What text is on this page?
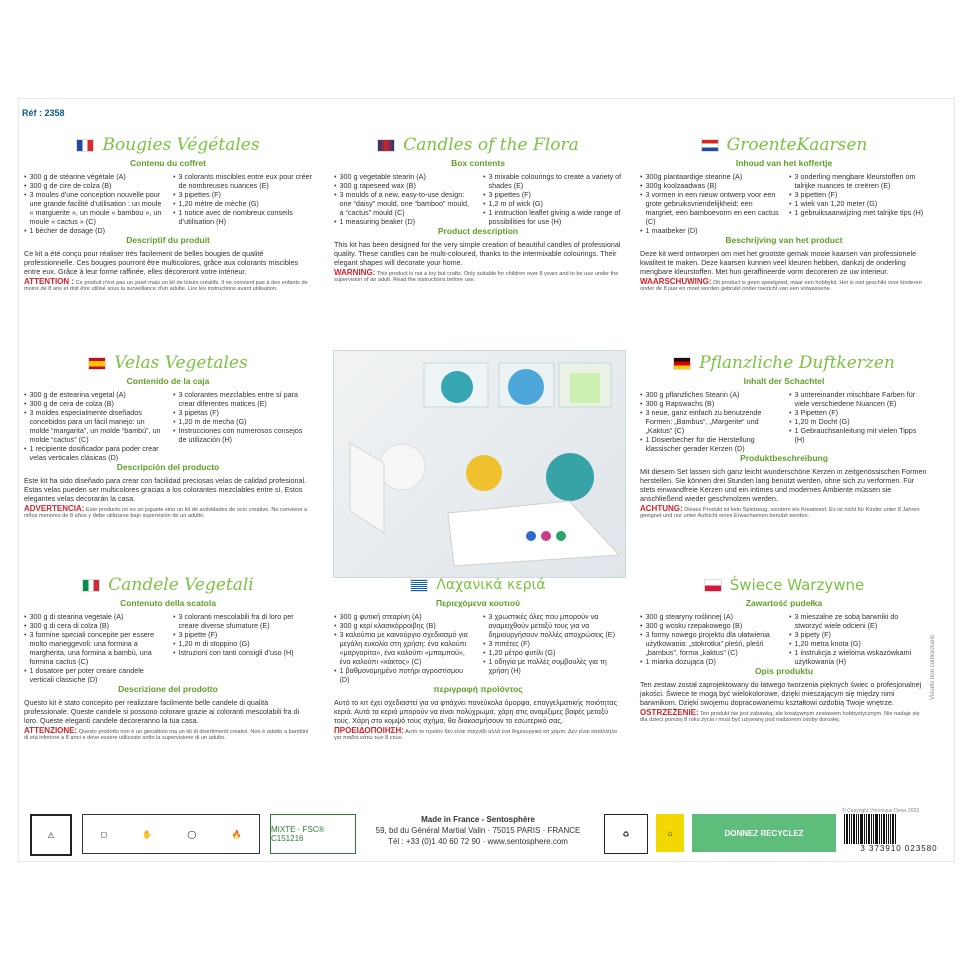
Réf : 2358
Bougies Végétales
Contenu du coffret
• 300 g de stéarine végétale (A)
• 300 g de cire de colza (B)
• 3 moules d’une conception nouvelle pour une grande facilité d’utilisation : un moule « marguerite », un moule « bambou », un moule « cactus » (C)
• 1 bécher de dosage (D)
• 3 colorants miscibles entre eux pour créer de nombreuses nuances (E)
• 3 pipettes (F)
• 1,20 mètre de mèche (G)
• 1 notice avec de nombreux conseils d’utilisation (H)
Descriptif du produit

Ce kit a été conçu pour réaliser très facilement de belles bougies de qualité professionnelle. Ces bougies pourront être multicolores, grâce aux colorants miscibles entre eux. Grâce à leur forme raffinée, elles décoreront votre intérieur.

ATTENTION : Ce produit n'est pas un jouet mais un kit de loisirs créatifs. Il ne convient pas à des enfants de moins de 8 ans et doit être utilisé sous la surveillance d'un adulte. Lire les instructions avant utilisation.
Candles of the Flora
Box contents
• 300 g vegetable stearin (A)
• 300 g rapeseed wax (B)
• 3 moulds of a new, easy-to-use design: one “daisy” mould, one “bamboo” mould, a “cactus” mould (C)
• 1 measuring beaker (D)
• 3 mixable colourings to create a variety of shades (E)
• 3 pipettes (F)
• 1,2 m of wick (G)
• 1 instruction leaflet giving a wide range of possibilities for use (H)
Product description

This kit has been designed for the very simple creation of beautiful candles of professional quality. These candles can be multi-coloured, thanks to the intermixable colourings. Their elegant shapes will decorate your home.

WARNING: This product is not a toy but crafts. Only suitable for children over 8 years and to be use under the supervision of an adult. Read the instructions before use.
GroenteKaarsen
Inhoud van het koffertje
• 300g plantaardige stearine (A)
• 300g koolzaadwas (B)
• 3 vormen in een nieuw ontwerp voor een grote gebruiksvriendelijkheid: een margriet, een bamboevorm en een cactus (C)
• 1 maatbeker (D)
• 3 onderling mengbare kleurstoffen om talrijke nuances te creëren (E)
• 3 pipetten (F)
• 1 wiek van 1,20 meter (G)
• 1 gebruiksaanwijzing met talrijke tips (H)
Beschrijving van het product

Deze kit werd ontworpen om met het grootste gemak mooie kaarsen van professionele kwaliteit te maken. Deze kaarsen kunnen veel kleuren hebben, dankzij de onderling mengbare kleurstoffen. Met hun geraffineerde vorm decoreren ze uw interieur.

WAARSCHUWING: Dit product is geen speelgoed, maar een hobbykit. Het is niet geschikt voor kinderen onder de 8 jaar en moet worden gebruikt onder toezicht van een volwassene.
Velas Vegetales
Contenido de la caja
• 300 g de estearina vegetal (A)
• 300 g de cera de colza (B)
• 3 moldes especialmente diseñados concebidos para un fácil manejo: un molde “margarita”, un molde “bambú”, un molde “cactus” (C)
• 1 recipiente dosificador para poder crear velas verticales clásicas (D)
• 3 colorantes mezclables entre sí para crear diferentes matices (E)
• 3 pipetas (F)
• 1,20 m de mecha (G)
• Instrucciones con numerosos consejos de utilización (H)
Descripción del producto

Este kit ha sido diseñado para crear con facilidad preciosas velas de calidad profesional. Estas velas pueden ser multicolores gracias a los colorantes mezclables entre sí. Estos elegantes velas decorarán la casa.

ADVERTENCIA: Este producto no es un juguete sino un kit de actividades de ocio creativo. No conviene a niños menores de 8 años y debe utilizarse bajo supervisión de un adulto.
Pflanzliche Duftkerzen
Inhalt der Schachtel
• 300 g pflanzliches Stearin (A)
• 300 g Rapswachs (B)
• 3 neue, ganz einfach zu benutzende Formen: „Bambus“, „Margerite“ und „Kaktus“ (C)
• 1 Dosierbecher für die Herstellung klassischer gerader Kerzen (D)
• 3 untereinander mischbare Farben für viele verschiedene Nuancen (E)
• 3 Pipetten (F)
• 1,20 m Docht (G)
• 1 Gebrauchsanleitung mit vielen Tipps (H)
Produktbeschreibung

Mit diesem Set lassen sich ganz leicht wunderschöne Kerzen in zeitgenössischen Formen herstellen. Sie können drei Stunden lang benutzt werden, ohne sich zu verformen. Für stets einwandfreie Kerzen und ein intimes und modernes Ambiente müssen sie anschließend wieder geschmolzen werden.

ACHTUNG: Dieses Produkt ist kein Spielzeug, sondern ein Kreativset. Es ist nicht für Kinder unter 8 Jahren geeignet und nur unter Aufsicht eines Erwachsenen benutzt werden.
Candele Vegetali
Contenuto della scatola
• 300 g di stearina vegetale (A)
• 300 g di cera di colza (B)
• 3 formine speciali concepite per essere molto maneggevoli: una formina a margherita, una formina a bambù, una formina cactus (C)
• 1 dosatore per poter creare candele verticali classiche (D)
• 3 coloranti mescolabili fra di loro per creare diverse sfumature (E)
• 3 pipette (F)
• 1,20 m di stoppino (G)
• Istruzioni con tanti consigli d’uso (H)
Descrizione del prodotto

Questo kit è stato concepito per realizzare facilmente belle candele di qualità professionale. Queste candele si possono colorare grazie ai coloranti mescolabili fra di loro. Queste eleganti candele decoreranno la tua casa.

ATTENZIONE: Questo prodotto non è un giocattolo ma un kit di divertimenti creativi. Non è adatto a bambini di età inferiore a 8 anni e deve essere utilizzato sotto la supervisione di un adulto.
Λαχανικά κεριά
Περιεχόμενα κουτιού
• 300 g φυτική στεαρίνη (A)
• 300 g κερί κλασικόρροιβης (B)
• 3 καλούπια με καινούργιο σχεδιασμό για μεγάλη ευκολία στη χρήση: ένα καλούπι «μαργαρίτα», ένα καλούπι «μπαμπού», ένα καλούπι «κάκτος» (C)
• 1 βαθμονομημένο ποτήρι αγροστίσμου (D)
• 3 χρωστικές όλες που μπορούν να αναμειχθούν μεταξύ τους για να δημιουργήσουν πολλές αποχρώσεις (E)
• 3 πιπέτες (F)
• 1,20 μέτρο φυτίλι (G)
• 1 οδηγία με πολλές συμβουλές για τη χρήση (H)
περιγραφή προϊόντος

Αυτό το κιτ έχει σχεδιαστεί για να φτιάχνει πανεύκολα όμορφα, επαγγελματικής ποιότητας κεριά. Αυτά τα κεριά μπορούν να είναι πολύχρωμα, χάρη στις αναμίξιμες βαφές μεταξύ τους. Χάρη στο κομψό τους σχήμα, θα διακοσμήσουν το εσωτερικό σας.

ΠΡΟΕΙΔΟΠΟΙΗΣΗ: Αυτό το προϊόν δεν είναι παιχνίδι αλλά ένα δημιουργικό κιτ χόμπι. Δεν είναι κατάλληλο για παιδιά κάτω των 8 ετών.
Świece Warzywne
Zawartość pudełka
• 300 g stearyny roślinnej (A)
• 300 g wosku rzepakowego (B)
• 3 formy nowego projektu dla ułatwienia użytkowania: „stokrotka” pleśń, pleśń „bambus”, forma „kaktus” (C)
• 1 miarka dozująca (D)
• 3 mieszalne ze sobą barwniki do stworzyć wiele odcieni (E)
• 3 pipety (F)
• 1,20 metra knota (G)
• 1 instrukcja z wieloma wskazówkami użytkowania (H)
Opis produktu

Ten zestaw został zaprojektowany do łatwego tworzenia pięknych świec o profesjonalnej jakości. Świece te mogą być wielokolorowe, dzięki mieszającym się między nimi barwnikom. Dzięki swojemu dopracowanemu kształtowi ozdobią Twoje wnętrze.

OSTRZEŻENIE: Ten produkt nie jest zabawką, ale kreatywnym zestawem hobbystycznym. Nie nadaje się dla dzieci poniżej 8 roku życia i musi być używany pod nadzorem osoby dorosłej.
⚠	◻	✋	◯	🔥	MIXTE · FSC® C151216
Made in France - Sentosphère
59, bd du Général Martial Valin · 75015 PARIS · FRANCE
Tél : +33 (0)1 40 60 72 90 · www.sentosphere.com
♻	⌂	DONNEZ RECYCLEZ
3 373910 023580
© Copyright Véronique Deiss 2023
Visuels non contractuels
